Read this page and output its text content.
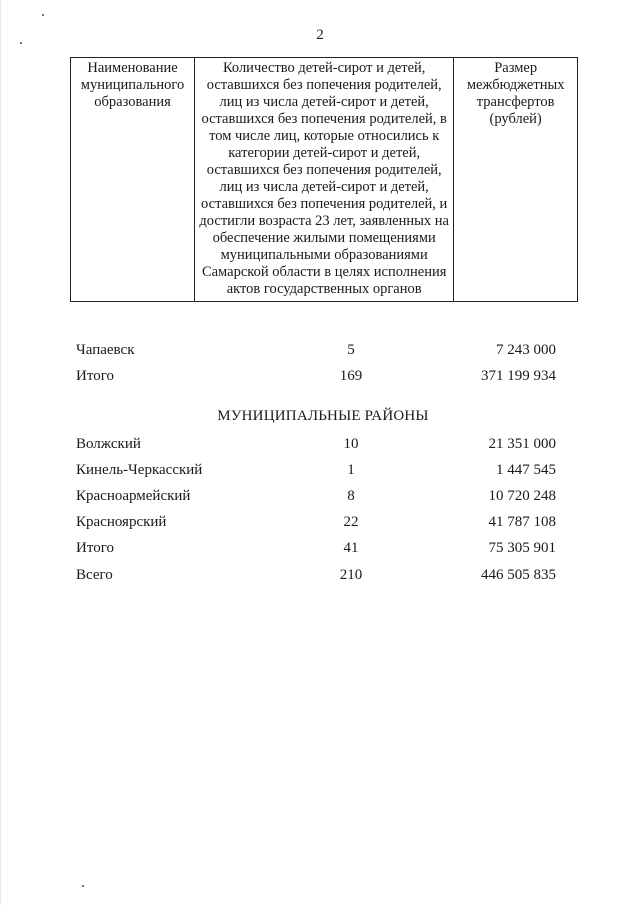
2
Наименование муниципального образования	Количество детей-сирот и детей, оставшихся без попечения родителей, лиц из числа детей-сирот и детей, оставшихся без попечения родителей, в том числе лиц, которые относились к категории детей-сирот и детей, оставшихся без попечения родителей, лиц из числа детей-сирот и детей, оставшихся без попечения родителей, и достигли возраста 23 лет, заявленных на обеспечение жилыми помещениями муниципальными образованиями Самарской области в целях исполнения актов государственных органов	Размер межбюджетных трансфертов (рублей)
Чапаевск	5	7 243 000
Итого	169	371 199 934
МУНИЦИПАЛЬНЫЕ РАЙОНЫ
Волжский	10	21 351 000
Кинель-Черкасский	1	1 447 545
Красноармейский	8	10 720 248
Красноярский	22	41 787 108
Итого	41	75 305 901
Всего	210	446 505 835
